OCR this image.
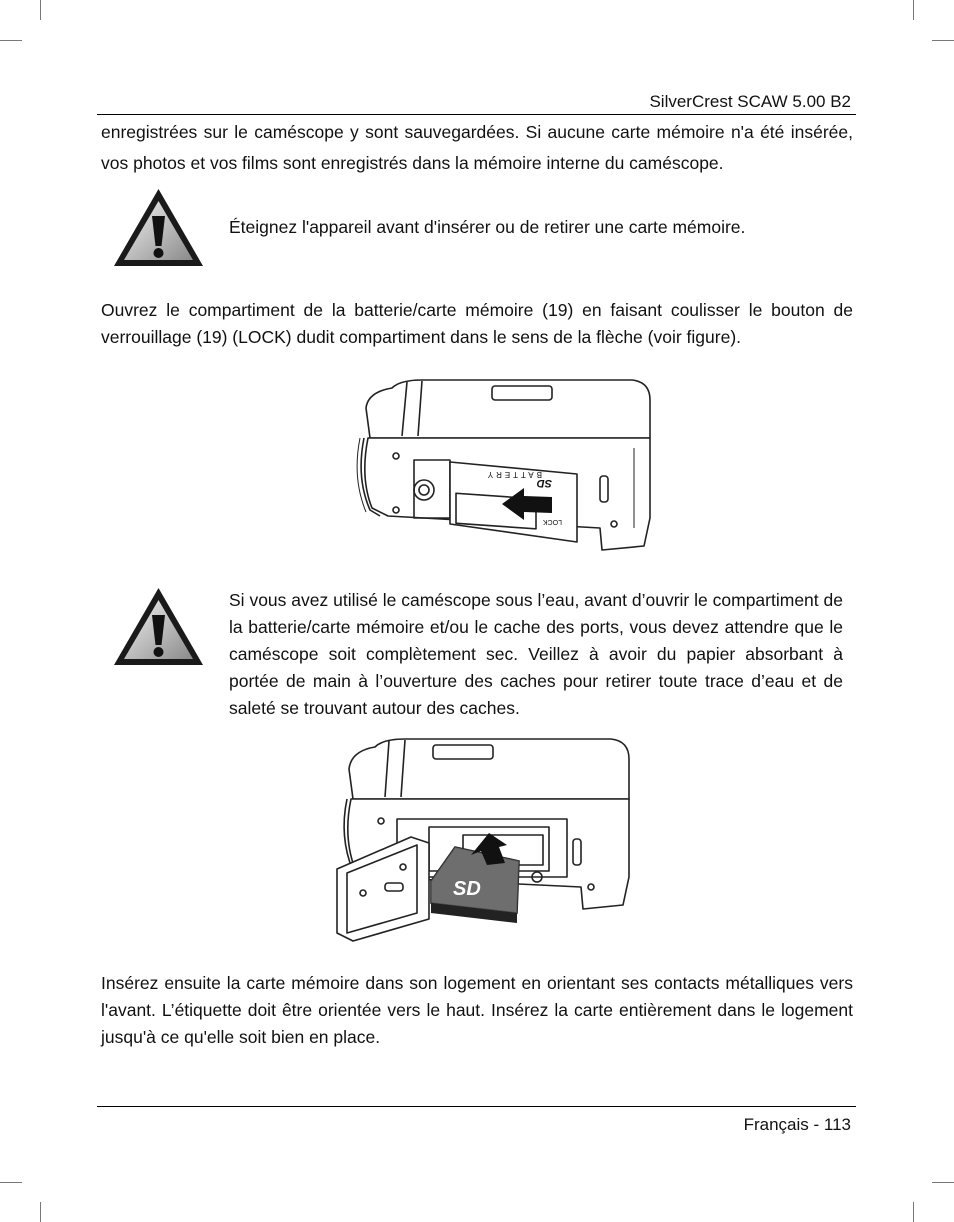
SilverCrest SCAW 5.00 B2
enregistrées sur le caméscope y sont sauvegardées. Si aucune carte mémoire n'a été insérée, vos photos et vos films sont enregistrés dans la mémoire interne du caméscope.
Éteignez l'appareil avant d'insérer ou de retirer une carte mémoire.
Ouvrez le compartiment de la batterie/carte mémoire (19) en faisant coulisser le bouton de verrouillage (19) (LOCK) dudit compartiment dans le sens de la flèche (voir figure).
BATTERY
SD
LOCK
Si vous avez utilisé le caméscope sous l’eau, avant d’ouvrir le compartiment de la batterie/carte mémoire et/ou le cache des ports, vous devez attendre que le caméscope soit complètement sec. Veillez à avoir du papier absorbant à portée de main à l’ouverture des caches pour retirer toute trace d’eau et de saleté se trouvant autour des caches.
SD
Insérez ensuite la carte mémoire dans son logement en orientant ses contacts métalliques vers l'avant. L’étiquette doit être orientée vers le haut. Insérez la carte entièrement dans le logement jusqu'à ce qu'elle soit bien en place.
Français - 113
